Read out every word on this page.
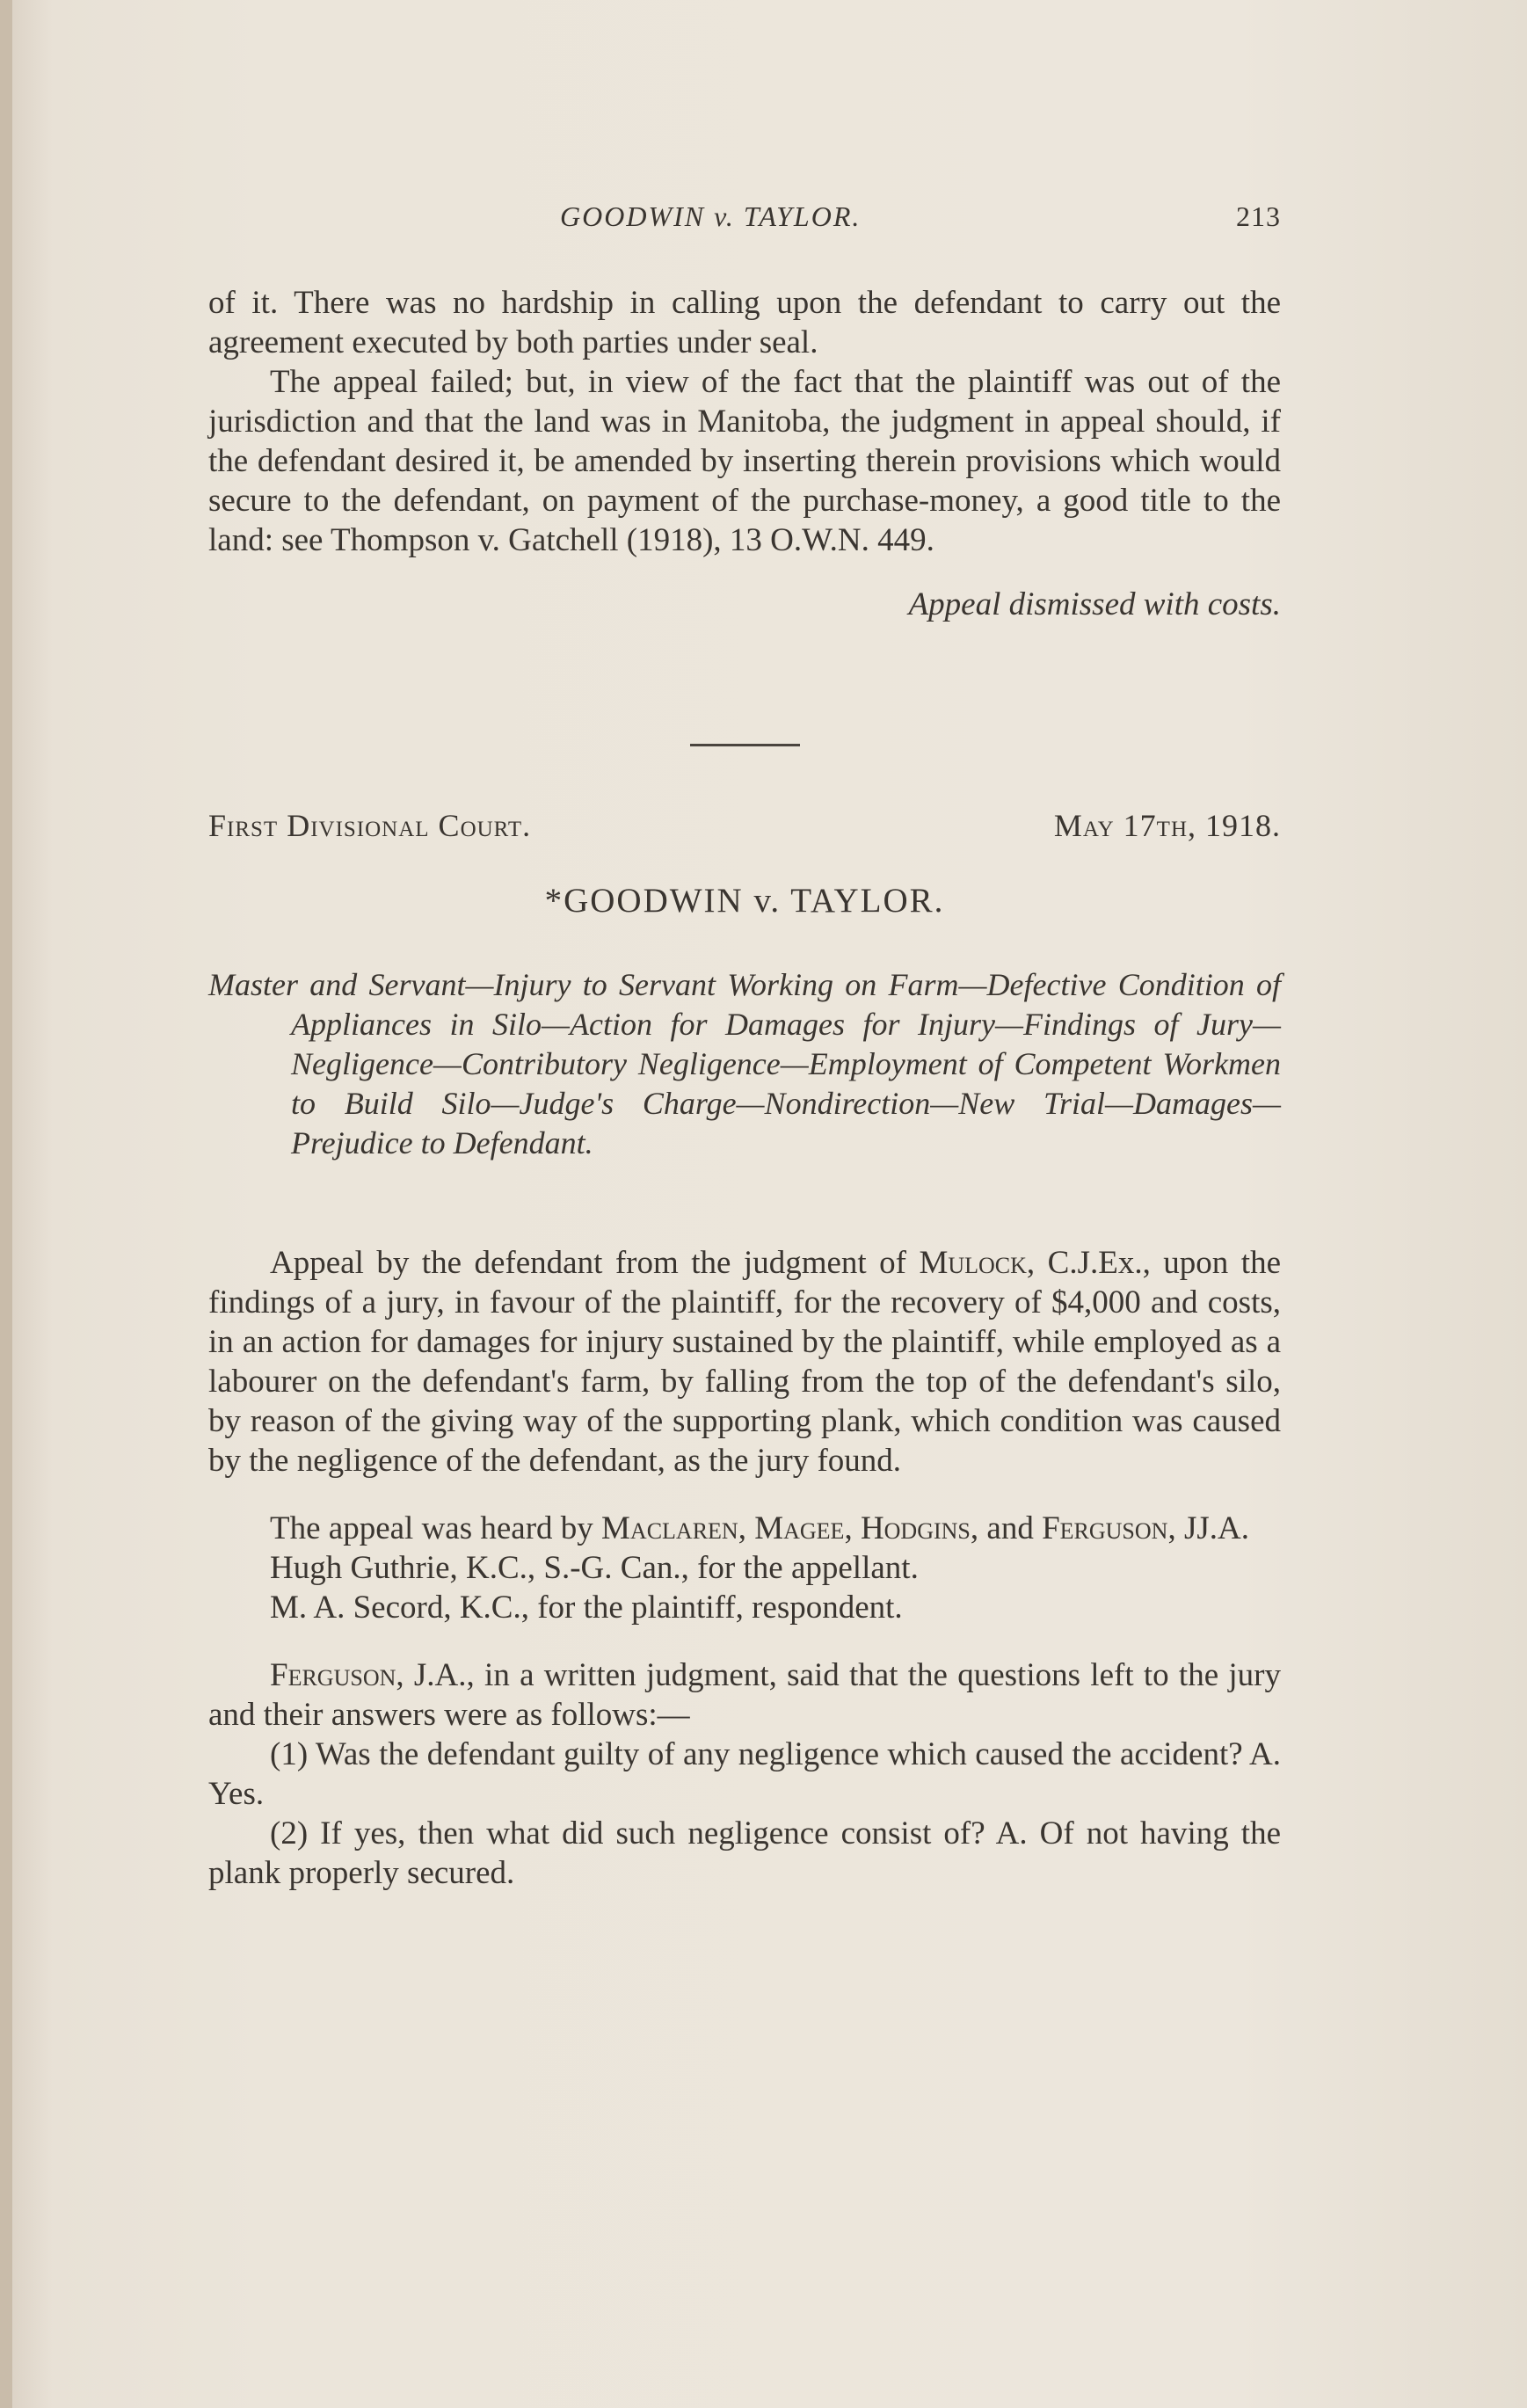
GOODWIN v. TAYLOR.	213

of it. There was no hardship in calling upon the defendant to carry out the agreement executed by both parties under seal.

The appeal failed; but, in view of the fact that the plaintiff was out of the jurisdiction and that the land was in Manitoba, the judgment in appeal should, if the defendant desired it, be amended by inserting therein provisions which would secure to the defendant, on payment of the purchase-money, a good title to the land: see Thompson v. Gatchell (1918), 13 O.W.N. 449.

Appeal dismissed with costs.

First Divisional Court.	May 17th, 1918.
*GOODWIN v. TAYLOR.
Master and Servant—Injury to Servant Working on Farm—Defective Condition of Appliances in Silo—Action for Damages for Injury—Findings of Jury—Negligence—Contributory Negligence—Employment of Competent Workmen to Build Silo—Judge's Charge—Nondirection—New Trial—Damages—Prejudice to Defendant.

Appeal by the defendant from the judgment of Mulock, C.J.Ex., upon the findings of a jury, in favour of the plaintiff, for the recovery of $4,000 and costs, in an action for damages for injury sustained by the plaintiff, while employed as a labourer on the defendant's farm, by falling from the top of the defendant's silo, by reason of the giving way of the supporting plank, which condition was caused by the negligence of the defendant, as the jury found.

The appeal was heard by Maclaren, Magee, Hodgins, and Ferguson, JJ.A.

Hugh Guthrie, K.C., S.-G. Can., for the appellant.

M. A. Secord, K.C., for the plaintiff, respondent.

Ferguson, J.A., in a written judgment, said that the questions left to the jury and their answers were as follows:—

(1) Was the defendant guilty of any negligence which caused the accident? A. Yes.

(2) If yes, then what did such negligence consist of? A. Of not having the plank properly secured.
